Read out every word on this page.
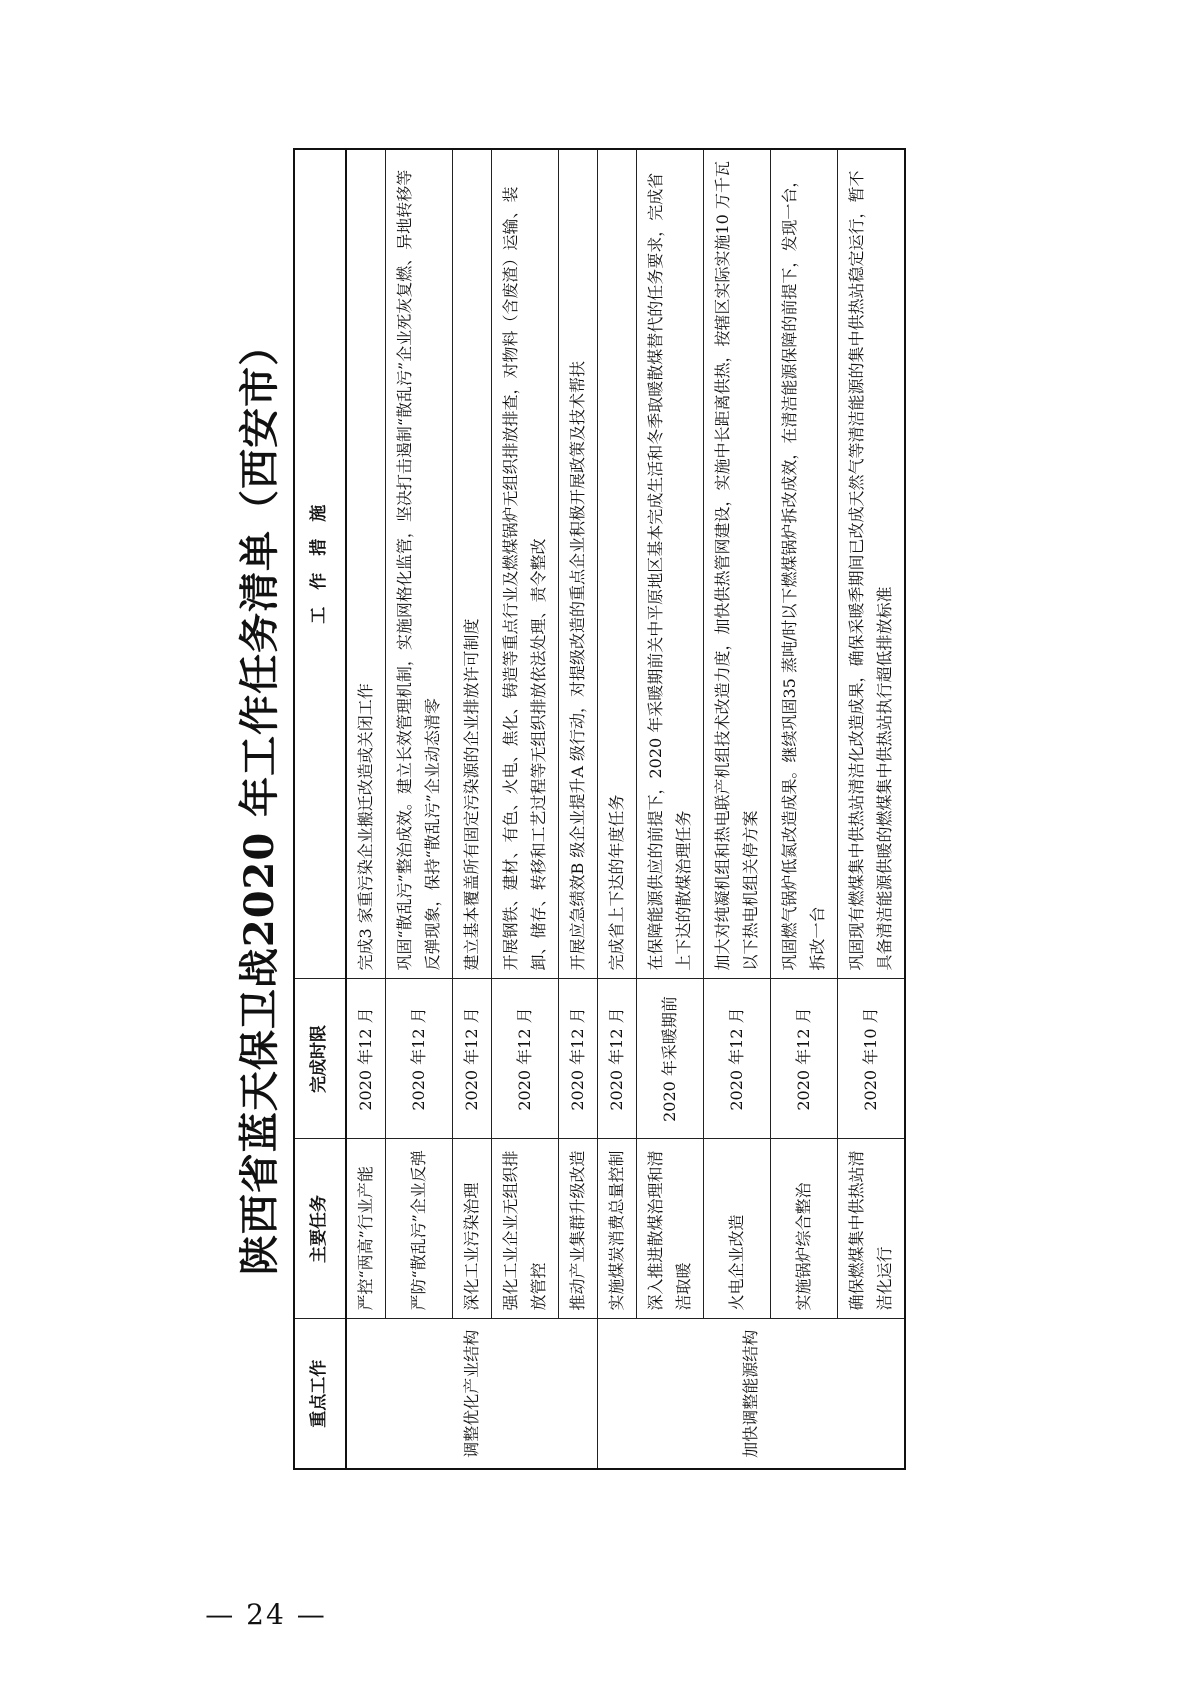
陕西省蓝天保卫战2020 年工作任务清单（西安市）
重点工作	主要任务	完成时限	工　作　措　施
调整优化产业结构	严控“两高”行业产能	2020 年12 月	完成3 家重污染企业搬迁改造或关闭工作
	严防“散乱污”企业反弹	2020 年12 月	巩固“散乱污”整治成效。建立长效管理机制，实施网格化监管，坚决打击遏制“散乱污”企业死灰复燃、异地转移等反弹现象，保持“散乱污”企业动态清零
	深化工业污染治理	2020 年12 月	建立基本覆盖所有固定污染源的企业排放许可制度
	强化工业企业无组织排放管控	2020 年12 月	开展钢铁、建材、有色、火电、焦化、铸造等重点行业及燃煤锅炉无组织排放排查，对物料（含废渣）运输、装卸、储存、转移和工艺过程等无组织排放依法处理、责令整改
	推动产业集群升级改造	2020 年12 月	开展应急绩效B 级企业提升A 级行动，对提级改造的重点企业积极开展政策及技术帮扶
加快调整能源结构	实施煤炭消费总量控制	2020 年12 月	完成省上下达的年度任务
	深入推进散煤治理和清洁取暖	2020 年采暖期前	在保障能源供应的前提下，2020 年采暖期前关中平原地区基本完成生活和冬季取暖散煤替代的任务要求，完成省上下达的散煤治理任务
	火电企业改造	2020 年12 月	加大对纯凝机组和热电联产机组技术改造力度，加快供热管网建设，实施中长距离供热，按辖区实际实施10 万千瓦以下热电机组关停方案
	实施锅炉综合整治	2020 年12 月	巩固燃气锅炉低氮改造成果。继续巩固35 蒸吨/时以下燃煤锅炉拆改成效，在清洁能源保障的前提下，发现一台，拆改一台
	确保燃煤集中供热站清洁化运行	2020 年10 月	巩固现有燃煤集中供热站清洁化改造成果，确保采暖季期间已改成天然气等清洁能源的集中供热站稳定运行，暂不具备清洁能源供暖的燃煤集中供热站执行超低排放标准
— 24 —
